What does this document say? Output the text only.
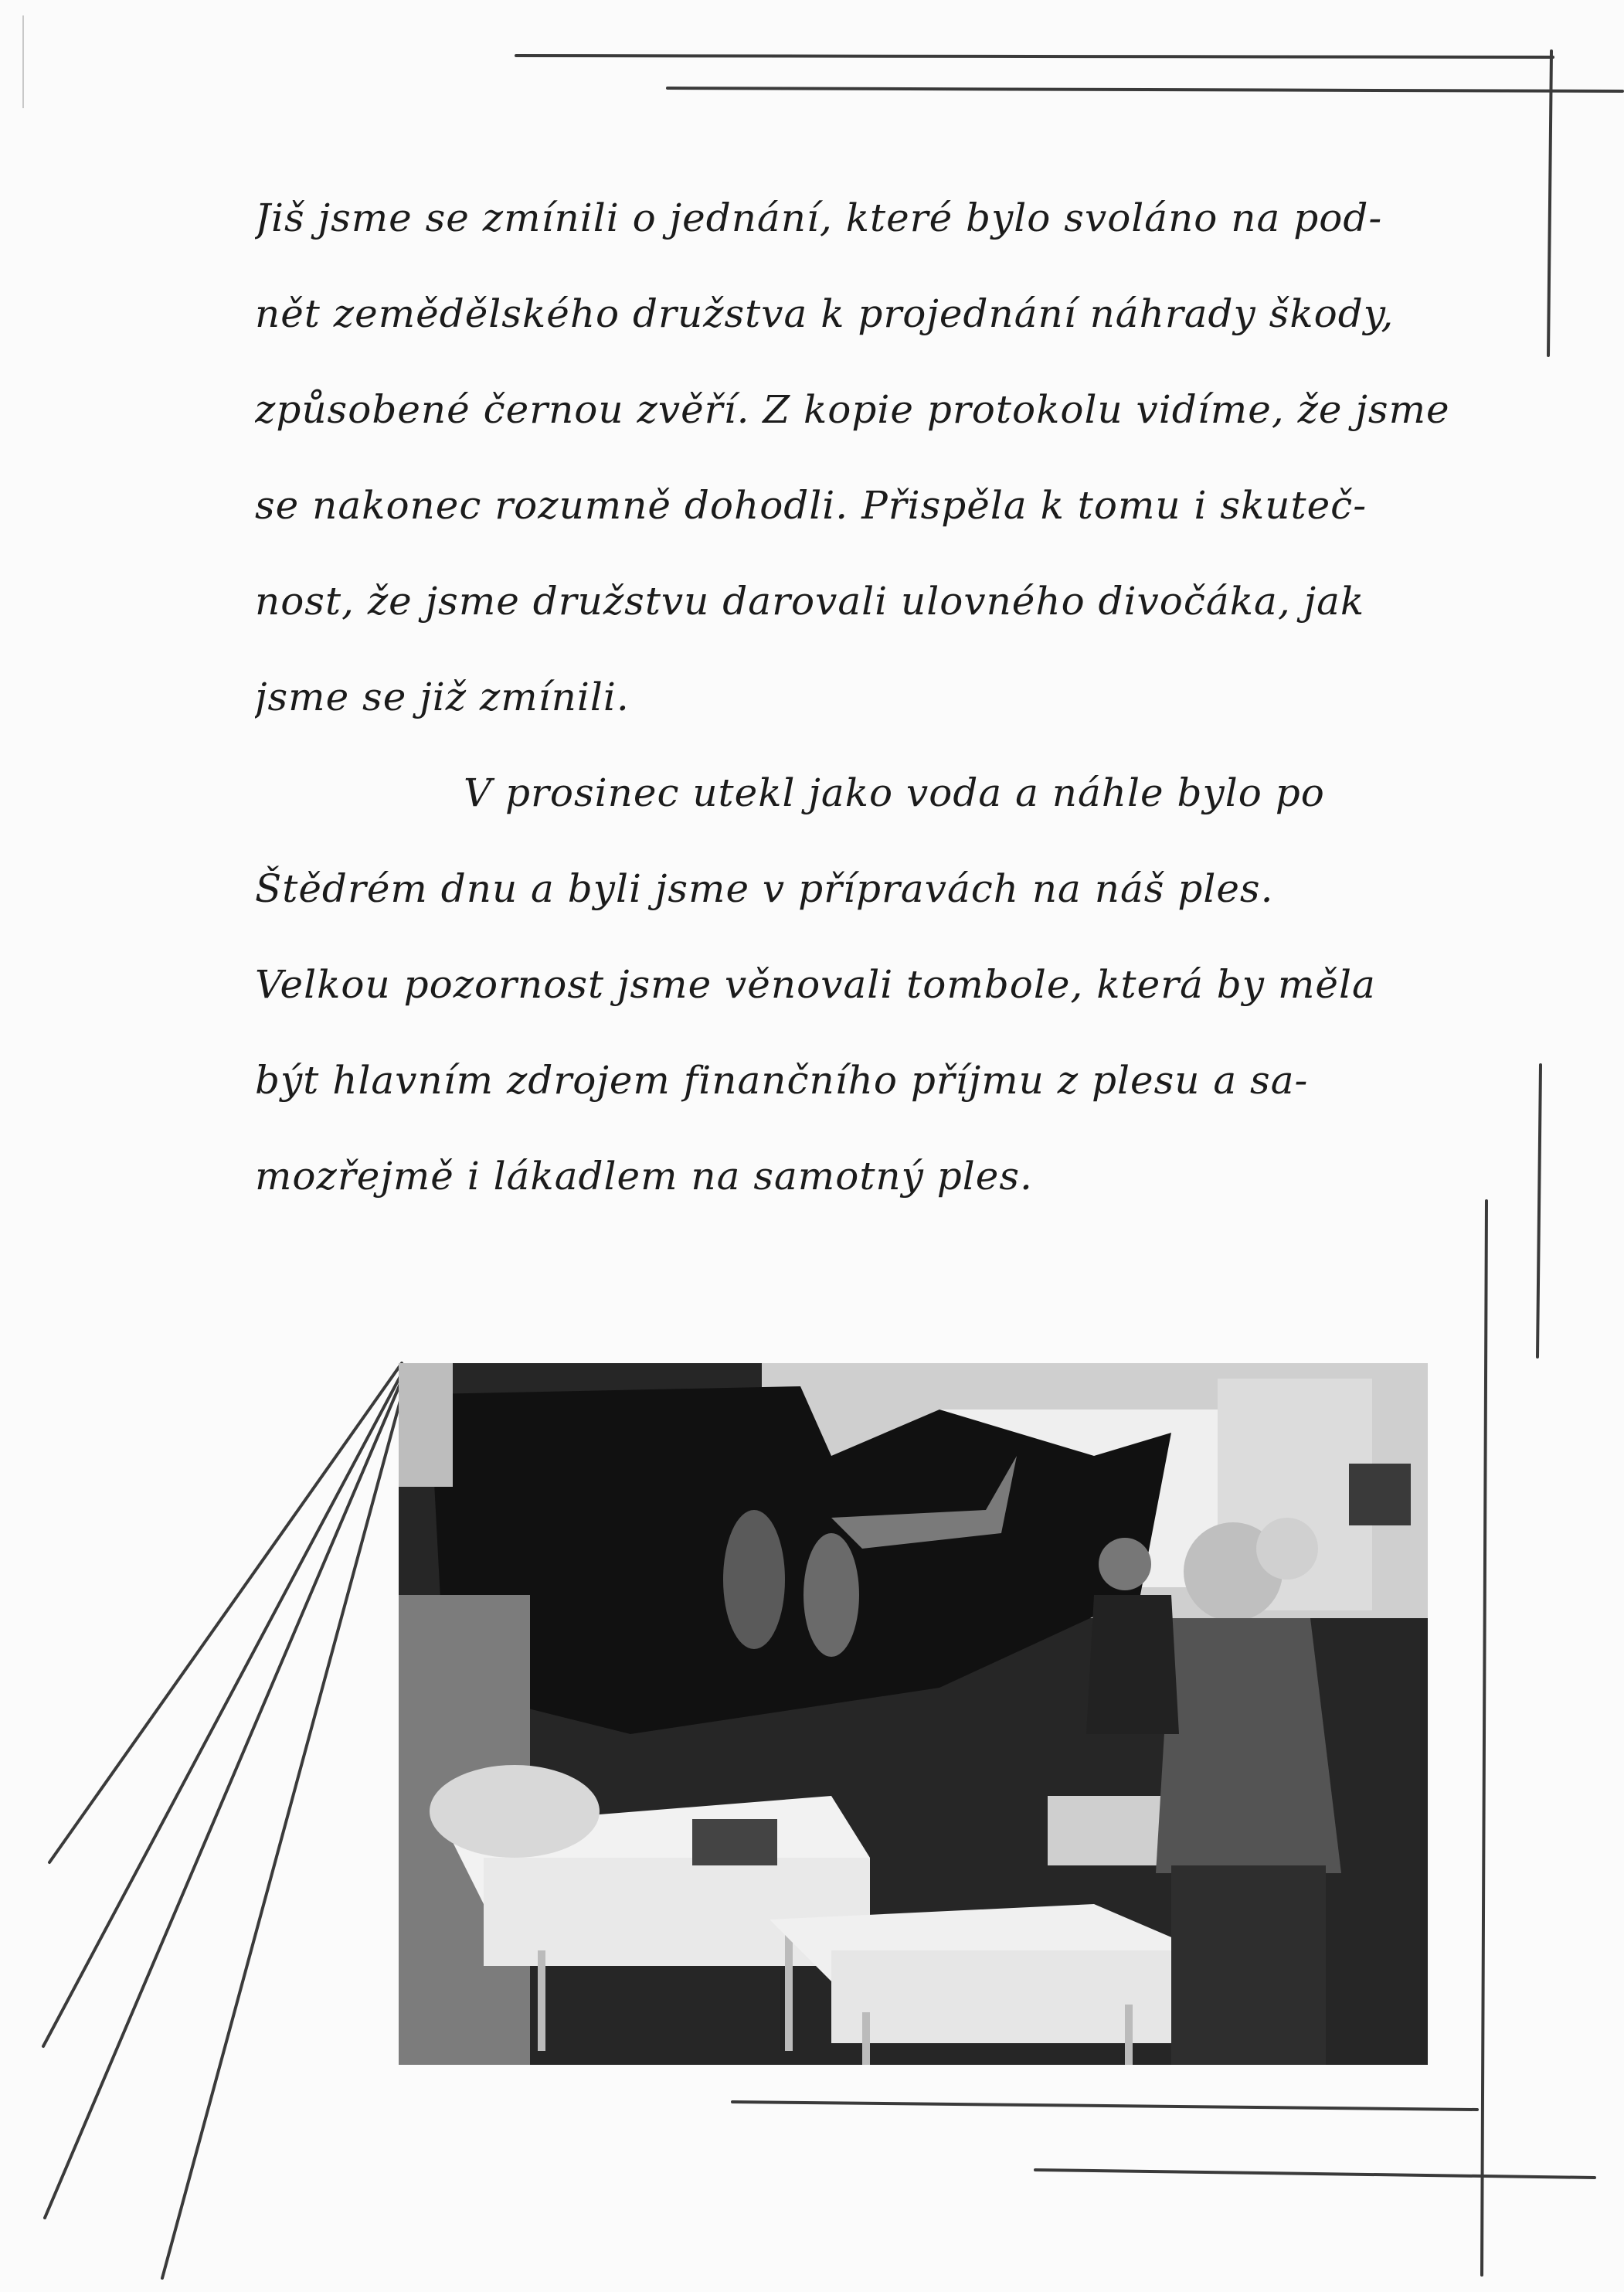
Jiš jsme se zmínili o jednání, které bylo svoláno na pod-
nět zemědělského družstva k projednání náhrady škody,
způsobené černou zvěří. Z kopie protokolu vidíme, že jsme
se nakonec rozumně dohodli. Přispěla k tomu i skuteč-
nost, že jsme družstvu darovali ulovného divočáka, jak
jsme se již zmínili.
V prosinec utekl jako voda a náhle bylo po
Štědrém dnu a byli jsme v přípravách na náš ples.
Velkou pozornost jsme věnovali tombole, která by měla
být hlavním zdrojem finančního příjmu z plesu a sa-
mozřejmě i lákadlem na samotný ples.
